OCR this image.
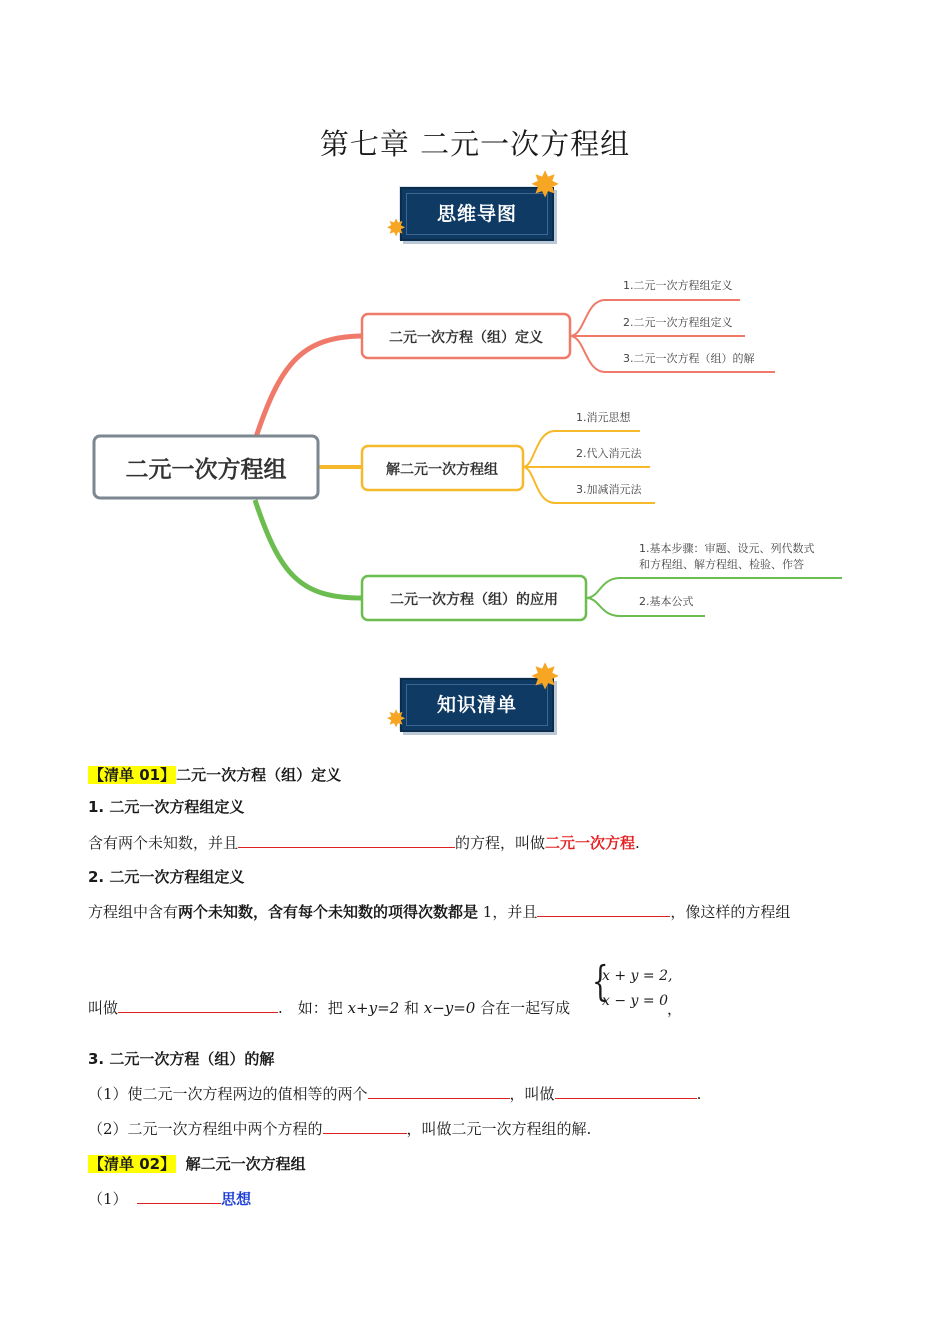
第七章 二元一次方程组
思维导图
✸
✸
二元一次方程组
二元一次方程（组）定义
1.二元一次方程组定义
2.二元一次方程组定义
3.二元一次方程（组）的解
解二元一次方程组
1.消元思想
2.代入消元法
3.加减消元法
二元一次方程（组）的应用
1.基本步骤：审题、设元、列代数式
和方程组、解方程组、检验、作答
2.基本公式
知识清单
✸
✸
【清单 01】二元一次方程（组）定义
1. 二元一次方程组定义
含有两个未知数，并且	的方程，叫做二元一次方程.
2. 二元一次方程组定义
方程组中含有两个未知数，含有每个未知数的项得次数都是 1，并且	，像这样的方程组
叫做	.　如：把 x+y=2 和 x−y=0 合在一起写成
{
x + y = 2,
x − y = 0 ，
3. 二元一次方程（组）的解
（1）使二元一次方程两边的值相等的两个	，叫做	.
（2）二元一次方程组中两个方程的	，叫做二元一次方程组的解.
【清单 02】 解二元一次方程组
（1）	思想
